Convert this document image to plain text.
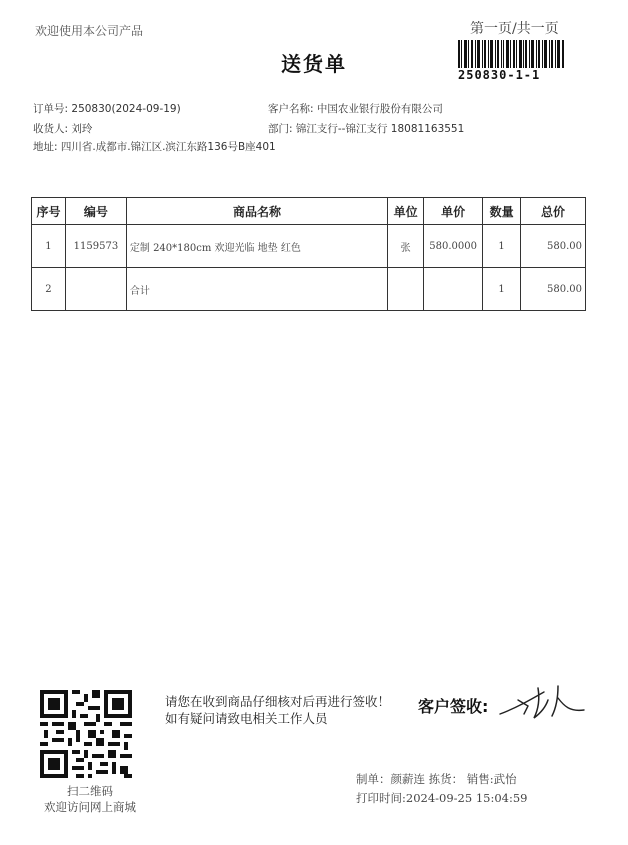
欢迎使用本公司产品	第一页/共一页
250830-1-1
送货单
订单号: 250830(2024-09-19)	客户名称: 中国农业银行股份有限公司
收货人: 刘玲	部门: 锦江支行--锦江支行 18081163551
地址: 四川省.成都市.锦江区.滨江东路136号B座401
序号	编号	商品名称	单位	单价	数量	总价
1	1159573	定制 240*180cm 欢迎光临 地垫 红色	张	580.0000	1	580.00
2		合计			1	580.00
请您在收到商品仔细核对后再进行签收！如有疑问请致电相关工作人员
客户签收:
扫二维码
欢迎访问网上商城
制单：颜薪连 拣货： 销售:武怡
打印时间:2024-09-25 15:04:59
